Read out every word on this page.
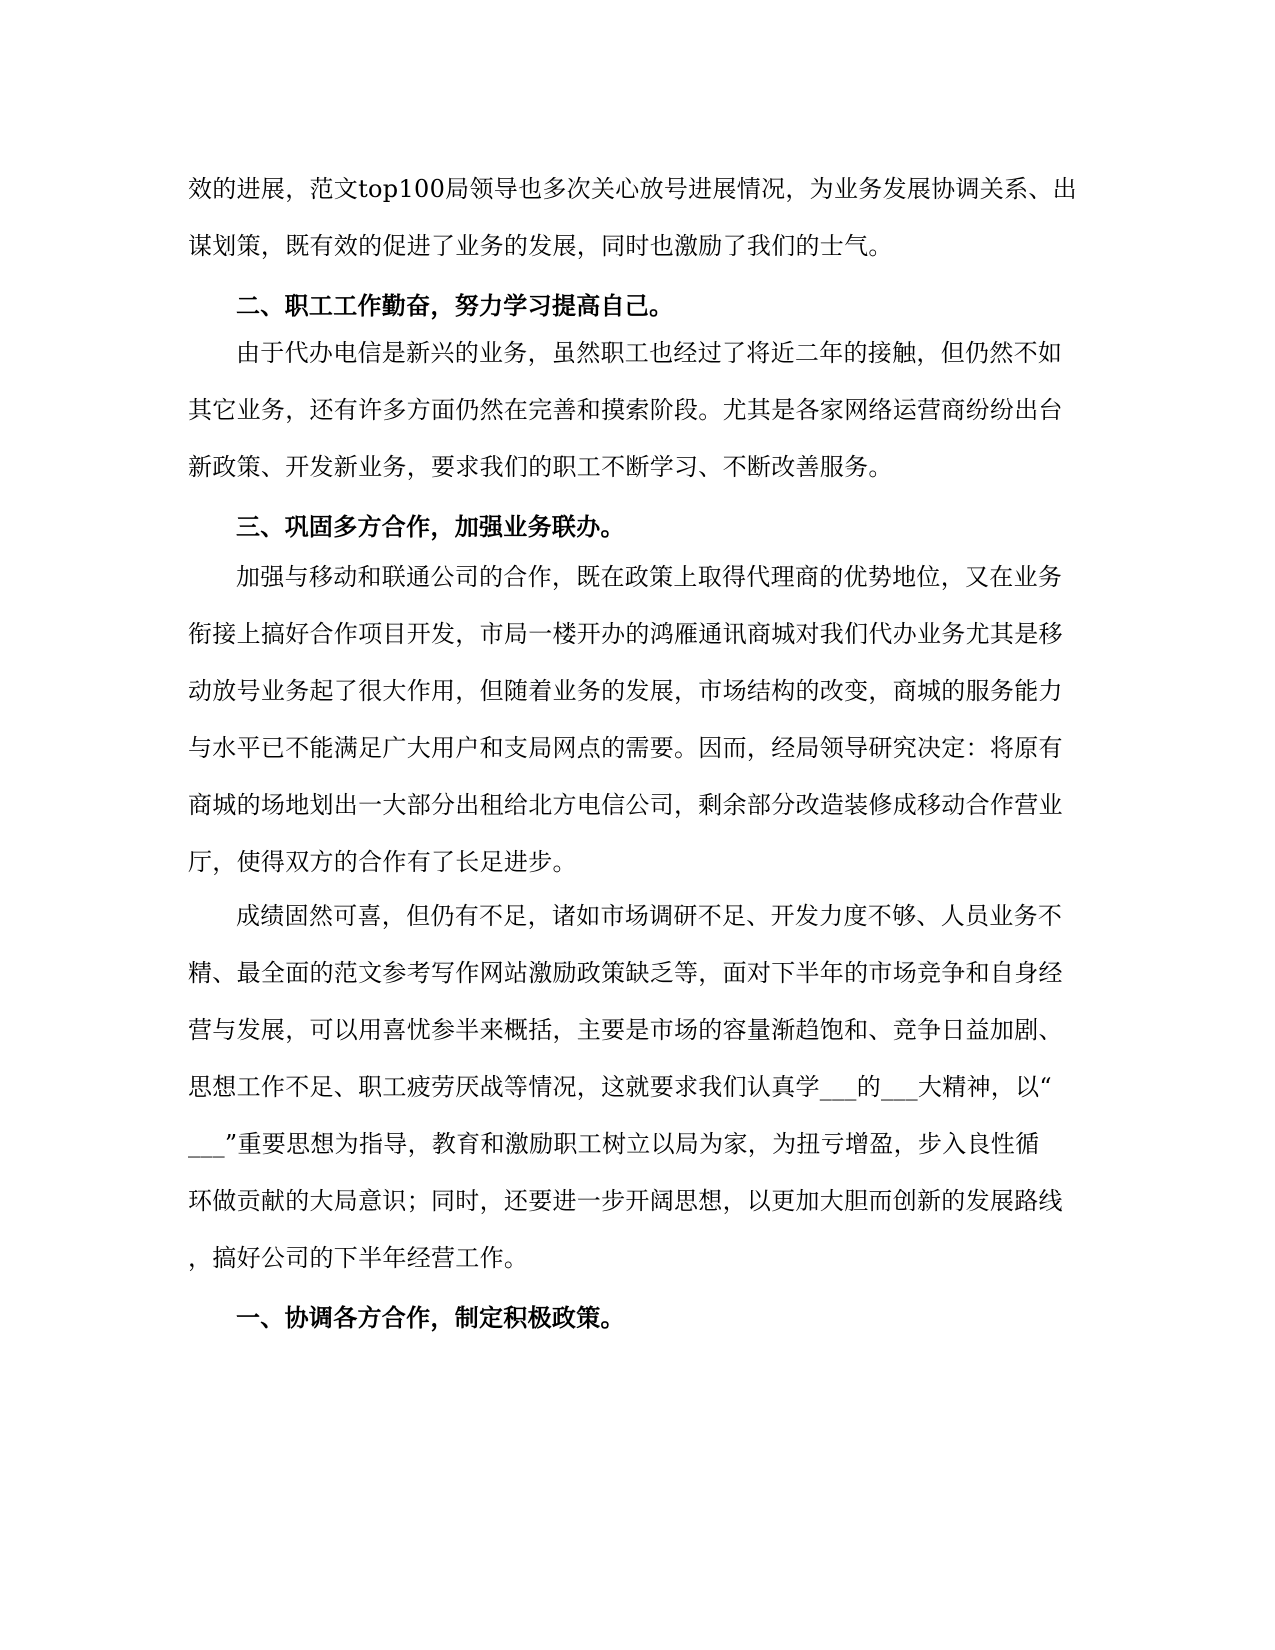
效的进展，范文top100局领导也多次关心放号进展情况，为业务发展协调关系、出
谋划策，既有效的促进了业务的发展，同时也激励了我们的士气。
二、职工工作勤奋，努力学习提高自己。
由于代办电信是新兴的业务，虽然职工也经过了将近二年的接触，但仍然不如
其它业务，还有许多方面仍然在完善和摸索阶段。尤其是各家网络运营商纷纷出台
新政策、开发新业务，要求我们的职工不断学习、不断改善服务。
三、巩固多方合作，加强业务联办。
加强与移动和联通公司的合作，既在政策上取得代理商的优势地位，又在业务
衔接上搞好合作项目开发，市局一楼开办的鸿雁通讯商城对我们代办业务尤其是移
动放号业务起了很大作用，但随着业务的发展，市场结构的改变，商城的服务能力
与水平已不能满足广大用户和支局网点的需要。因而，经局领导研究决定：将原有
商城的场地划出一大部分出租给北方电信公司，剩余部分改造装修成移动合作营业
厅，使得双方的合作有了长足进步。
成绩固然可喜，但仍有不足，诸如市场调研不足、开发力度不够、人员业务不
精、最全面的范文参考写作网站激励政策缺乏等，面对下半年的市场竞争和自身经
营与发展，可以用喜忧参半来概括，主要是市场的容量渐趋饱和、竞争日益加剧、
思想工作不足、职工疲劳厌战等情况，这就要求我们认真学___的___大精神，以“
___”重要思想为指导，教育和激励职工树立以局为家，为扭亏增盈，步入良性循
环做贡献的大局意识；同时，还要进一步开阔思想，以更加大胆而创新的发展路线
，搞好公司的下半年经营工作。
一、协调各方合作，制定积极政策。
